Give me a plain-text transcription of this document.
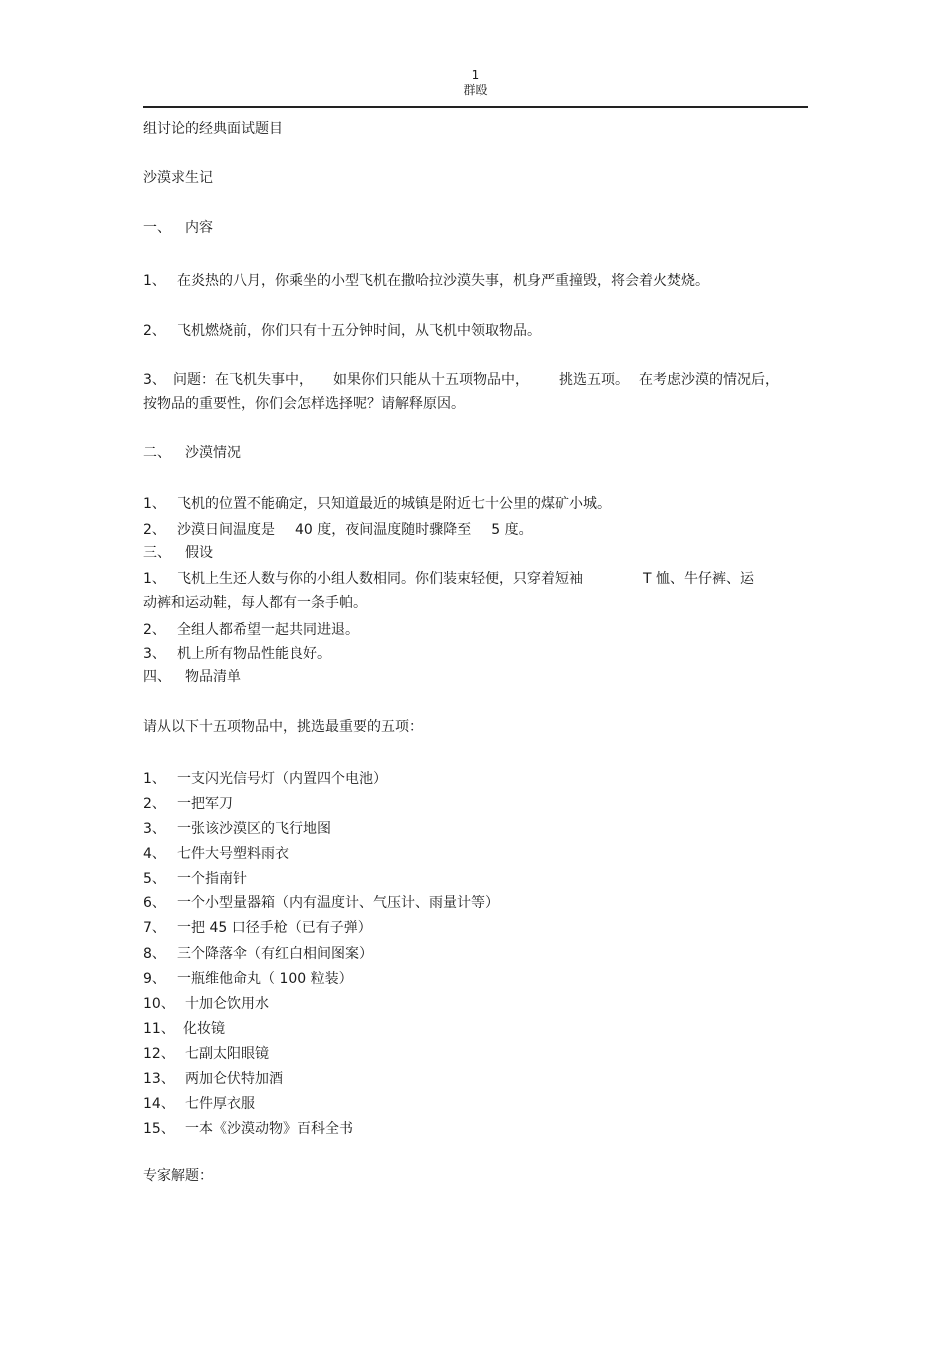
1
群殴
组讨论的经典面试题目
沙漠求生记
一、 内容
1、 在炎热的八月，你乘坐的小型飞机在撒哈拉沙漠失事，机身严重撞毁，将会着火焚烧。
2、 飞机燃烧前，你们只有十五分钟时间，从飞机中领取物品。
3、 问题：在飞机失事中， 如果你们只能从十五项物品中， 挑选五项。 在考虑沙漠的情况后，
按物品的重要性，你们会怎样选择呢？请解释原因。
二、 沙漠情况
1、 飞机的位置不能确定，只知道最近的城镇是附近七十公里的煤矿小城。
2、 沙漠日间温度是 40 度，夜间温度随时骤降至 5 度。
三、 假设
1、 飞机上生还人数与你的小组人数相同。你们装束轻便，只穿着短袖	T 恤、牛仔裤、运
动裤和运动鞋，每人都有一条手帕。
2、 全组人都希望一起共同进退。
3、 机上所有物品性能良好。
四、 物品清单
请从以下十五项物品中，挑选最重要的五项：
1、 一支闪光信号灯（内置四个电池）
2、 一把军刀
3、 一张该沙漠区的飞行地图
4、 七件大号塑料雨衣
5、 一个指南针
6、 一个小型量器箱（内有温度计、气压计、雨量计等）
7、 一把 45 口径手枪（已有子弹）
8、 三个降落伞（有红白相间图案）
9、 一瓶维他命丸（ 100 粒装）
10、 十加仑饮用水
11、 化妆镜
12、 七副太阳眼镜
13、 两加仑伏特加酒
14、 七件厚衣服
15、 一本《沙漠动物》百科全书
专家解题：
